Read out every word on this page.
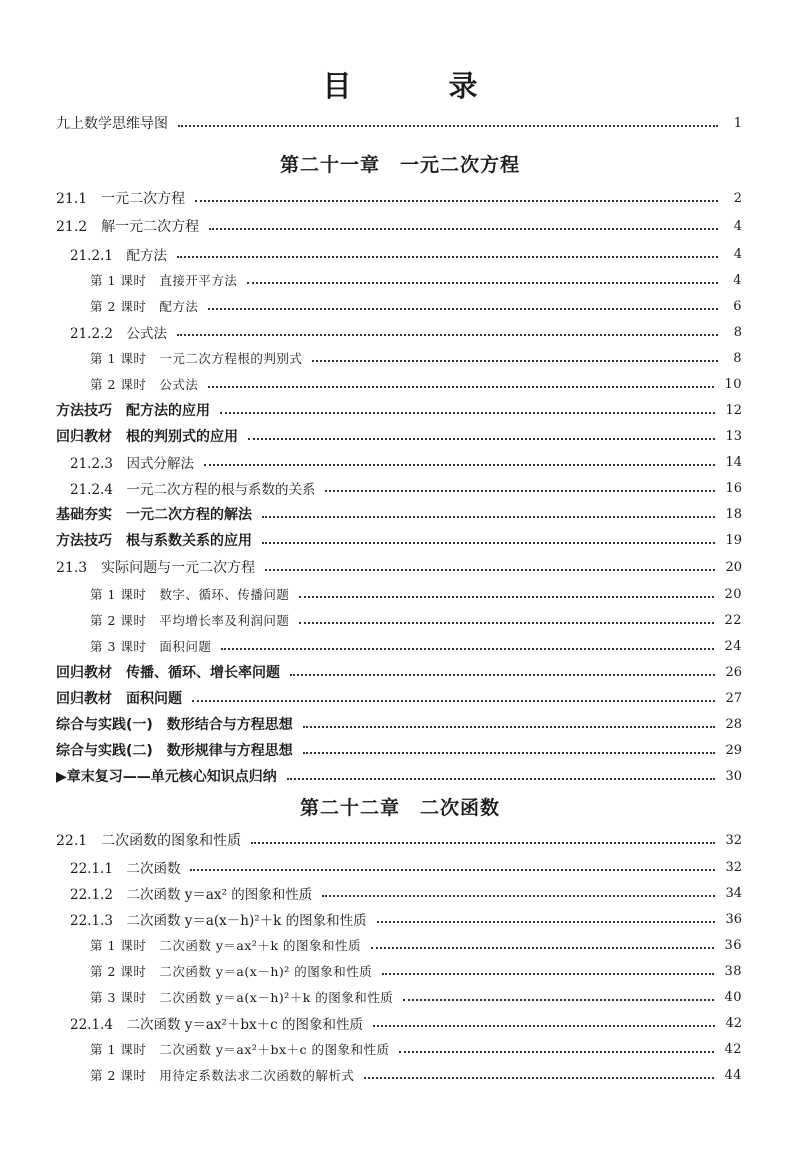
目　录
九上数学思维导图	1
第二十一章　一元二次方程
21.1　一元二次方程	2
21.2　解一元二次方程	4
21.2.1　配方法	4
第 1 课时　直接开平方法	4
第 2 课时　配方法	6
21.2.2　公式法	8
第 1 课时　一元二次方程根的判别式	8
第 2 课时　公式法	10
方法技巧　配方法的应用	12
回归教材　根的判别式的应用	13
21.2.3　因式分解法	14
21.2.4　一元二次方程的根与系数的关系	16
基础夯实　一元二次方程的解法	18
方法技巧　根与系数关系的应用	19
21.3　实际问题与一元二次方程	20
第 1 课时　数字、循环、传播问题	20
第 2 课时　平均增长率及利润问题	22
第 3 课时　面积问题	24
回归教材　传播、循环、增长率问题	26
回归教材　面积问题	27
综合与实践(一)　数形结合与方程思想	28
综合与实践(二)　数形规律与方程思想	29
▶章末复习——单元核心知识点归纳	30
第二十二章　二次函数
22.1　二次函数的图象和性质	32
22.1.1　二次函数	32
22.1.2　二次函数 y＝ax² 的图象和性质	34
22.1.3　二次函数 y＝a(x－h)²＋k 的图象和性质	36
第 1 课时　二次函数 y＝ax²＋k 的图象和性质	36
第 2 课时　二次函数 y＝a(x－h)² 的图象和性质	38
第 3 课时　二次函数 y＝a(x－h)²＋k 的图象和性质	40
22.1.4　二次函数 y＝ax²＋bx＋c 的图象和性质	42
第 1 课时　二次函数 y＝ax²＋bx＋c 的图象和性质	42
第 2 课时　用待定系数法求二次函数的解析式	44
